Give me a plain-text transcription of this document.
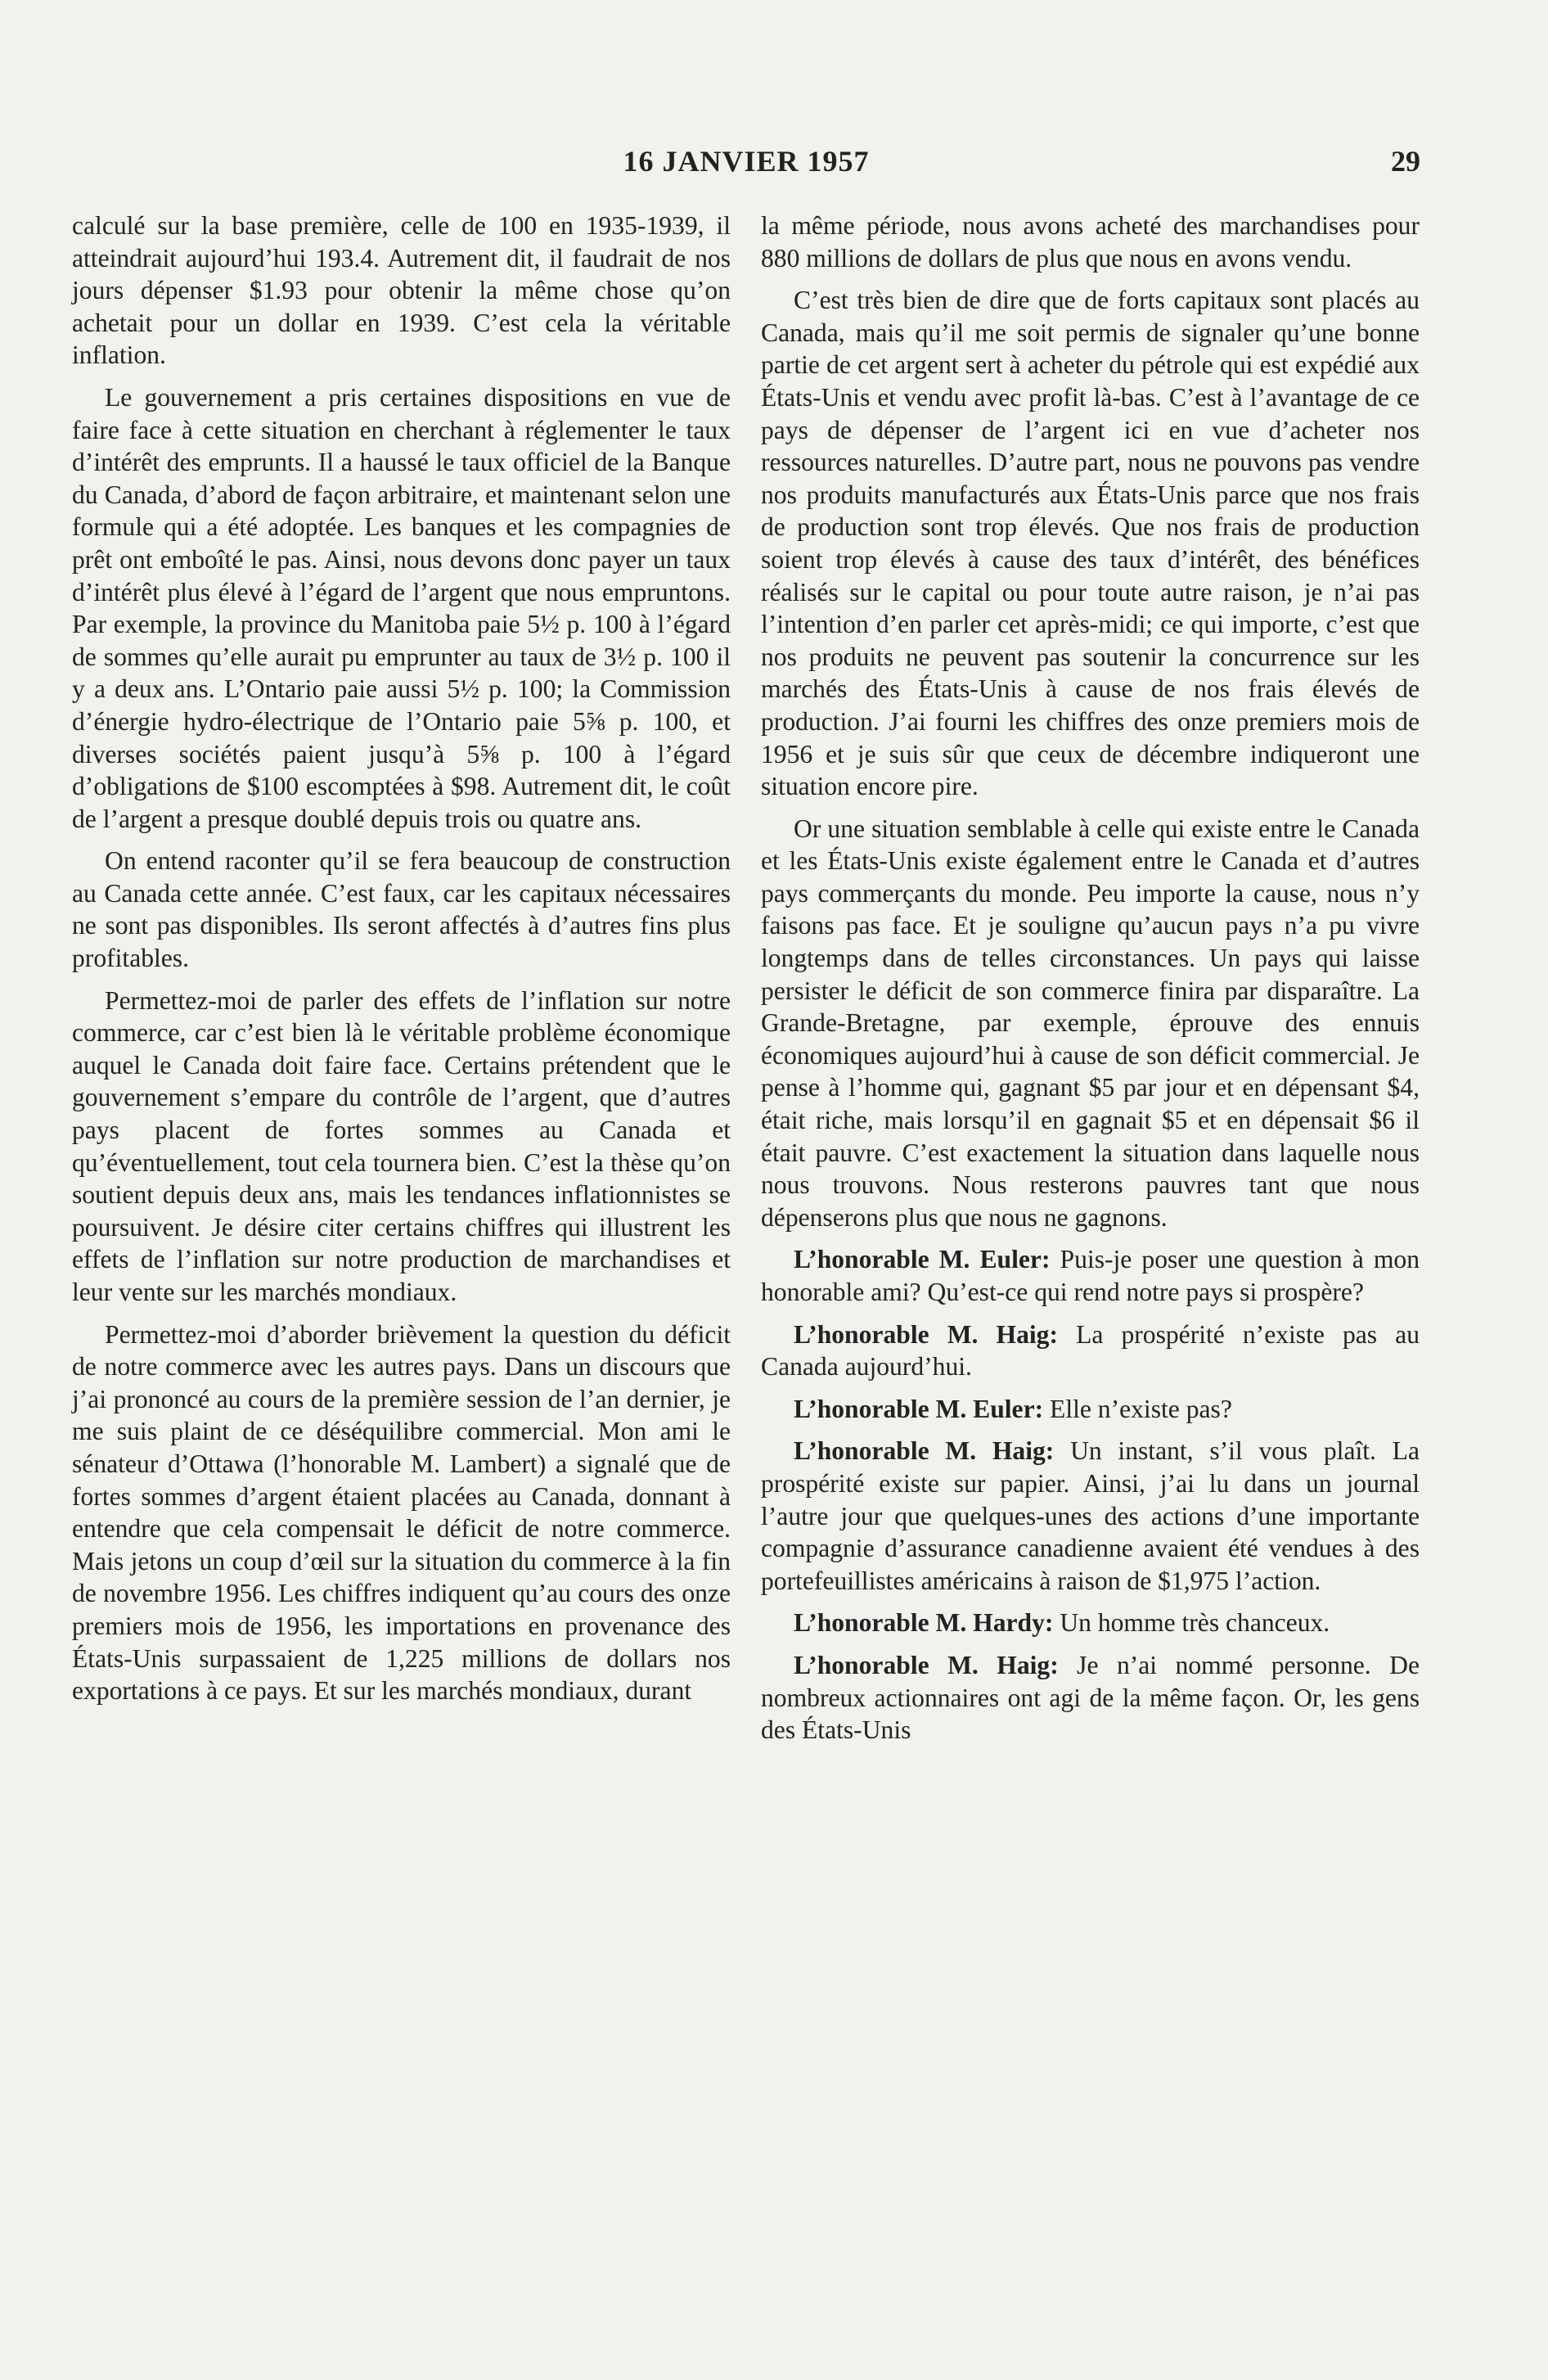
16 JANVIER 1957	29

calculé sur la base première, celle de 100 en 1935-1939, il atteindrait aujourd’hui 193.4. Autrement dit, il faudrait de nos jours dépenser $1.93 pour obtenir la même chose qu’on achetait pour un dollar en 1939. C’est cela la véritable inflation.

Le gouvernement a pris certaines dispositions en vue de faire face à cette situation en cherchant à réglementer le taux d’intérêt des emprunts. Il a haussé le taux officiel de la Banque du Canada, d’abord de façon arbitraire, et maintenant selon une formule qui a été adoptée. Les banques et les compagnies de prêt ont emboîté le pas. Ainsi, nous devons donc payer un taux d’intérêt plus élevé à l’égard de l’argent que nous empruntons. Par exemple, la province du Manitoba paie 5½ p. 100 à l’égard de sommes qu’elle aurait pu emprunter au taux de 3½ p. 100 il y a deux ans. L’Ontario paie aussi 5½ p. 100; la Commission d’énergie hydro-électrique de l’Ontario paie 5⅝ p. 100, et diverses sociétés paient jusqu’à 5⅝ p. 100 à l’égard d’obligations de $100 escomptées à $98. Autrement dit, le coût de l’argent a presque doublé depuis trois ou quatre ans.

On entend raconter qu’il se fera beaucoup de construction au Canada cette année. C’est faux, car les capitaux nécessaires ne sont pas disponibles. Ils seront affectés à d’autres fins plus profitables.

Permettez-moi de parler des effets de l’inflation sur notre commerce, car c’est bien là le véritable problème économique auquel le Canada doit faire face. Certains prétendent que le gouvernement s’empare du contrôle de l’argent, que d’autres pays placent de fortes sommes au Canada et qu’éventuellement, tout cela tournera bien. C’est la thèse qu’on soutient depuis deux ans, mais les tendances inflationnistes se poursuivent. Je désire citer certains chiffres qui illustrent les effets de l’inflation sur notre production de marchandises et leur vente sur les marchés mondiaux.

Permettez-moi d’aborder brièvement la question du déficit de notre commerce avec les autres pays. Dans un discours que j’ai prononcé au cours de la première session de l’an dernier, je me suis plaint de ce déséquilibre commercial. Mon ami le sénateur d’Ottawa (l’honorable M. Lambert) a signalé que de fortes sommes d’argent étaient placées au Canada, donnant à entendre que cela compensait le déficit de notre commerce. Mais jetons un coup d’œil sur la situation du commerce à la fin de novembre 1956. Les chiffres indiquent qu’au cours des onze premiers mois de 1956, les importations en provenance des États-Unis surpassaient de 1,225 millions de dollars nos exportations à ce pays. Et sur les marchés mondiaux, durant

la même période, nous avons acheté des marchandises pour 880 millions de dollars de plus que nous en avons vendu.

C’est très bien de dire que de forts capitaux sont placés au Canada, mais qu’il me soit permis de signaler qu’une bonne partie de cet argent sert à acheter du pétrole qui est expédié aux États-Unis et vendu avec profit là-bas. C’est à l’avantage de ce pays de dépenser de l’argent ici en vue d’acheter nos ressources naturelles. D’autre part, nous ne pouvons pas vendre nos produits manufacturés aux États-Unis parce que nos frais de production sont trop élevés. Que nos frais de production soient trop élevés à cause des taux d’intérêt, des bénéfices réalisés sur le capital ou pour toute autre raison, je n’ai pas l’intention d’en parler cet après-midi; ce qui importe, c’est que nos produits ne peuvent pas soutenir la concurrence sur les marchés des États-Unis à cause de nos frais élevés de production. J’ai fourni les chiffres des onze premiers mois de 1956 et je suis sûr que ceux de décembre indiqueront une situation encore pire.

Or une situation semblable à celle qui existe entre le Canada et les États-Unis existe également entre le Canada et d’autres pays commerçants du monde. Peu importe la cause, nous n’y faisons pas face. Et je souligne qu’aucun pays n’a pu vivre longtemps dans de telles circonstances. Un pays qui laisse persister le déficit de son commerce finira par disparaître. La Grande-Bretagne, par exemple, éprouve des ennuis économiques aujourd’hui à cause de son déficit commercial. Je pense à l’homme qui, gagnant $5 par jour et en dépensant $4, était riche, mais lorsqu’il en gagnait $5 et en dépensait $6 il était pauvre. C’est exactement la situation dans laquelle nous nous trouvons. Nous resterons pauvres tant que nous dépenserons plus que nous ne gagnons.

L’honorable M. Euler: Puis-je poser une question à mon honorable ami? Qu’est-ce qui rend notre pays si prospère?

L’honorable M. Haig: La prospérité n’existe pas au Canada aujourd’hui.

L’honorable M. Euler: Elle n’existe pas?

L’honorable M. Haig: Un instant, s’il vous plaît. La prospérité existe sur papier. Ainsi, j’ai lu dans un journal l’autre jour que quelques-unes des actions d’une importante compagnie d’assurance canadienne avaient été vendues à des portefeuillistes américains à raison de $1,975 l’action.

L’honorable M. Hardy: Un homme très chanceux.

L’honorable M. Haig: Je n’ai nommé personne. De nombreux actionnaires ont agi de la même façon. Or, les gens des États-Unis
